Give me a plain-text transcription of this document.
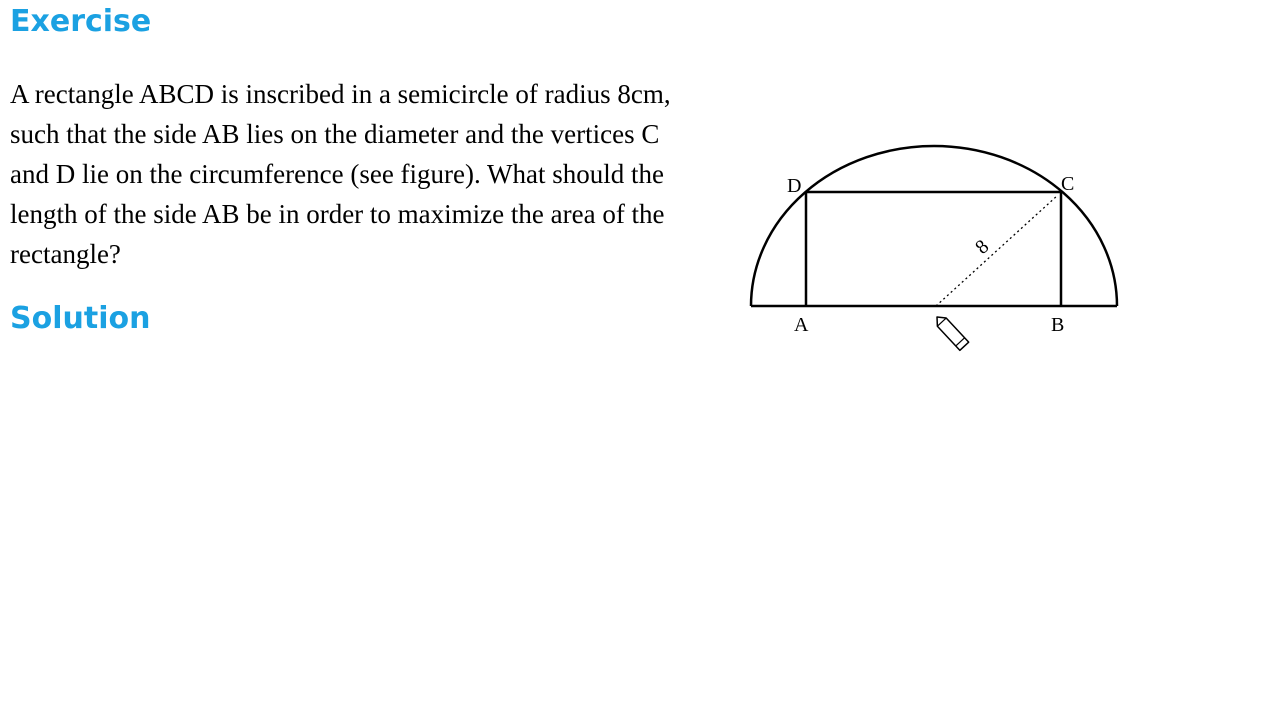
Exercise

A rectangle ABCD is inscribed in a semicircle of radius 8cm, such that the side AB lies on the diameter and the vertices C and D lie on the circumference (see figure). What should the length of the side AB be in order to maximize the area of the rectangle?

Solution
D	C
A	B
8
